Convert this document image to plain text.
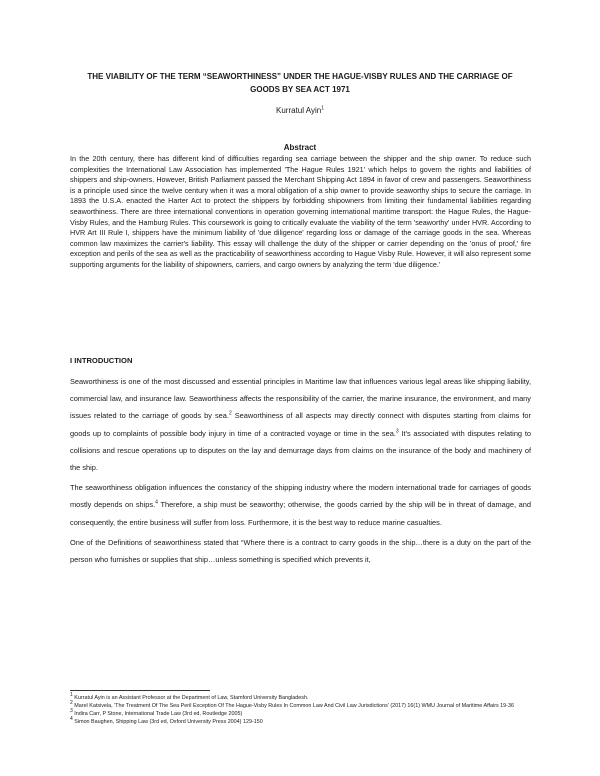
THE VIABILITY OF THE TERM “SEAWORTHINESS” UNDER THE HAGUE-VISBY RULES AND THE CARRIAGE OF GOODS BY SEA ACT 1971
Kurratul Ayin$^1$
Abstract

In the 20th century, there has different kind of difficulties regarding sea carriage between the shipper and the ship owner. To reduce such complexities the International Law Association has implemented 'The Hague Rules 1921' which helps to govern the rights and liabilities of shippers and ship-owners. However, British Parliament passed the Merchant Shipping Act 1894 in favor of crew and passengers. Seaworthiness is a principle used since the twelve century when it was a moral obligation of a ship owner to provide seaworthy ships to secure the carriage. In 1893 the U.S.A. enacted the Harter Act to protect the shippers by forbidding shipowners from limiting their fundamental liabilities regarding seaworthiness. There are three international conventions in operation governing international maritime transport: the Hague Rules, the Hague-Visby Rules, and the Hamburg Rules. This coursework is going to critically evaluate the viability of the term 'seaworthy' under HVR. According to HVR Art III Rule I, shippers have the minimum liability of 'due diligence' regarding loss or damage of the carriage goods in the sea. Whereas common law maximizes the carrier's liability. This essay will challenge the duty of the shipper or carrier depending on the 'onus of proof,' fire exception and perils of the sea as well as the practicability of seaworthiness according to Hague Visby Rule. However, it will also represent some supporting arguments for the liability of shipowners, carriers, and cargo owners by analyzing the term 'due diligence.'

I INTRODUCTION

Seaworthiness is one of the most discussed and essential principles in Maritime law that influences various legal areas like shipping liability, commercial law, and insurance law. Seaworthiness affects the responsibility of the carrier, the marine insurance, the environment, and many issues related to the carriage of goods by sea.$^2$ Seaworthiness of all aspects may directly connect with disputes starting from claims for goods up to complaints of possible body injury in time of a contracted voyage or time in the sea.$^3$ It's associated with disputes relating to collisions and rescue operations up to disputes on the lay and demurrage days from claims on the insurance of the body and machinery of the ship.

The seaworthiness obligation influences the constancy of the shipping industry where the modern international trade for carriages of goods mostly depends on ships.$^4$ Therefore, a ship must be seaworthy; otherwise, the goods carried by the ship will be in threat of damage, and consequently, the entire business will suffer from loss. Furthermore, it is the best way to reduce marine casualties.

One of the Definitions of seaworthiness stated that “Where there is a contract to carry goods in the ship…there is a duty on the part of the person who furnishes or supplies that ship…unless something is specified which prevents it,

$^1$ Kurratul Ayin is an Assistant Professor at the Department of Law, Stamford University Bangladesh.
$^2$ Marel Katsivela, 'The Treatment Of The Sea Peril Exception Of The Hague-Visby Rules In Common Law And Civil Law Jurisdictions' (2017) 16(1) WMU Journal of Maritime Affairs 19-36
$^3$ Indira Carr, P Stone, International Trade Law (3rd ed, Routledge 2005)
$^4$ Simon Baughen, Shipping Law (3rd ed, Oxford University Press 2004) 129-150
